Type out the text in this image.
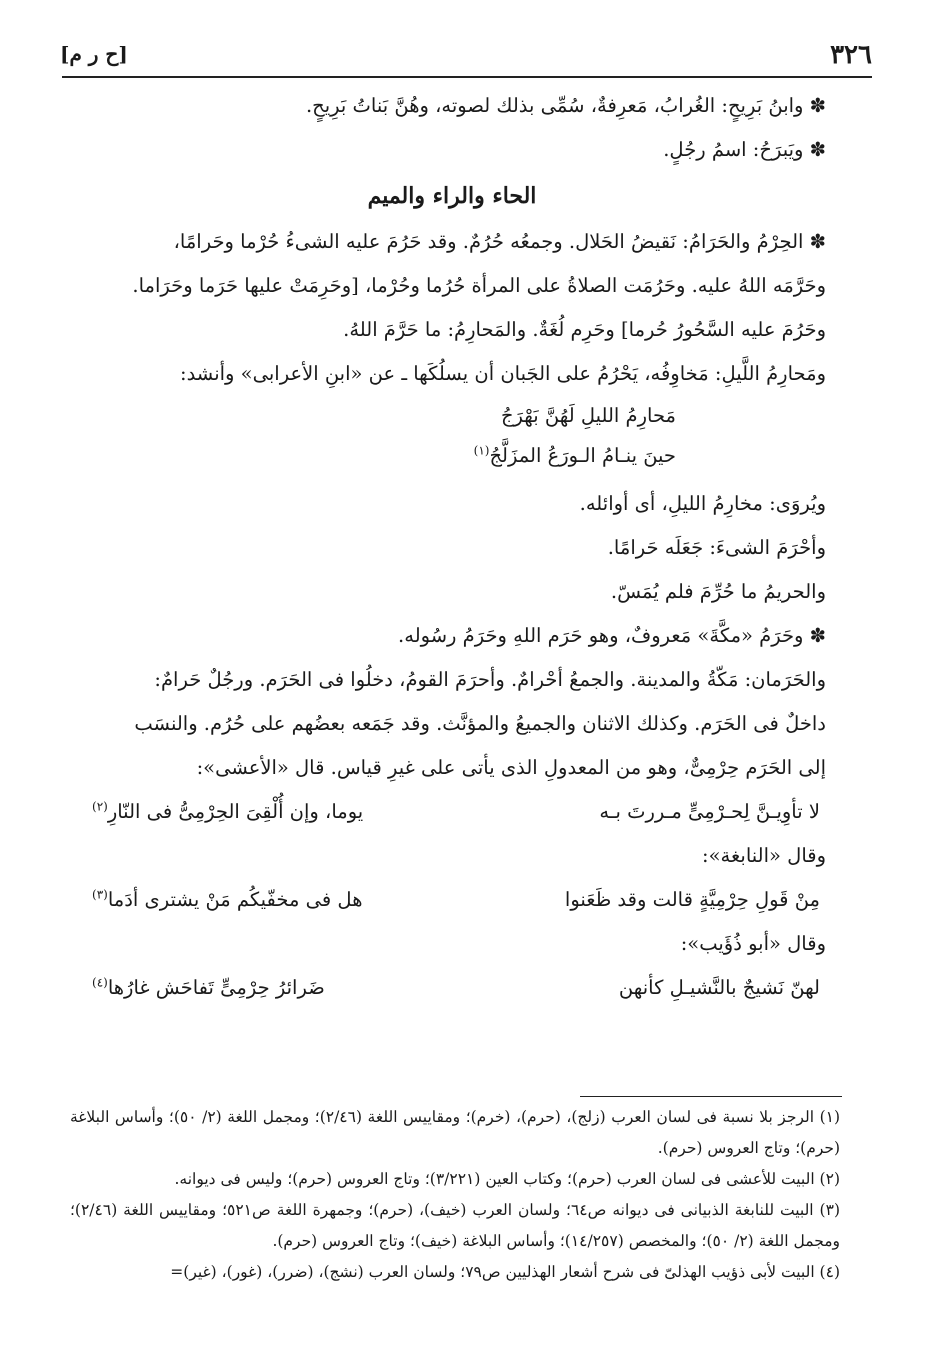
٣٢٦
[ح ر م]

✽ وابنُ بَرِيحٍ: الغُرابُ، مَعرِفةٌ، سُمِّى بذلك لصوته، وهُنَّ بَناتُ بَرِيحٍ.

✽ ويَبرَحُ: اسمُ رجُلٍ.

الحاء والراء والميم

✽ الحِرْمُ والحَرَامُ: نَقيضُ الحَلال. وجمعُه حُرُمٌ. وقد حَرُمَ عليه الشىءُ حُرْما وحَرامًا،

وحَرَّمَه اللهُ عليه. وحَرُمَت الصلاةُ على المرأة حُرُما وحُرْما، [وحَرِمَتْ عليها حَرَما وحَرَاما.

وحَرُمَ عليه السَّحُورُ حُرما] وحَرِم لُغَةٌ. والمَحارِمُ: ما حَرَّمَ اللهُ.

ومَحارِمُ اللَّيلِ: مَخاوِفُه، يَحْرُمُ على الجَبان أن يسلُكَها ـ عن «ابنِ الأعرابى» وأنشد:

مَحارِمُ الليلِ لَهُنَّ بَهْرَجُ

حينَ ينـامُ الـورَعُ المزَلَّجُ$^{(١)}$

ويُروَى: مخارِمُ الليلِ، أى أوائله.

وأحْرَمَ الشىءَ: جَعَلَه حَرامًا.

والحريمُ ما حُرِّمَ فلم يُمَسّ.

✽ وحَرَمُ «مكَّةَ» مَعروفٌ، وهو حَرَم اللهِ وحَرَمُ رسُوله.

والحَرَمان: مَكّةُ والمدينة. والجمعُ أحْرامٌ. وأحرَمَ القومُ، دخلُوا فى الحَرَم. ورجُلٌ حَرامٌ:

داخلٌ فى الحَرَم. وكذلك الاثنان والجميعُ والمؤنَّث. وقد جَمَعه بعضُهم على حُرُم. والنسَب

إلى الحَرَم حِرْمِىٌّ، وهو من المعدولِ الذى يأتى على غيرِ قياس. قال «الأعشى»:

لا تأوِيـنَّ لِحـرْمِىٍّ مـررتَ بـه
يوما، وإن أُلْقِىَ الحِرْمِىُّ فى النّارِ$^{(٢)}$

وقال «النابغة»:

مِنْ قَولِ حِرْمِيَّةٍ قالت وقد ظَعَنوا
هل فى مخفّيكُم مَنْ يشترى أدَما$^{(٣)}$

وقال «أبو ذُؤَيب»:

لهنّ نَشيجٌ بالنَّشيـلِ كأنهن
ضَرائرُ حِرْمِىٍّ تَفاحَش غارُها$^{(٤)}$

(١) الرجز بلا نسبة فى لسان العرب (زلج)، (حرم)، (خرم)؛ ومقاييس اللغة (٢/٤٦)؛ ومجمل اللغة (٢/ ٥٠)؛ وأساس البلاغة (حرم)؛ وتاج العروس (حرم).

(٢) البيت للأعشى فى لسان العرب (حرم)؛ وكتاب العين (٣/٢٢١)؛ وتاج العروس (حرم)؛ وليس فى ديوانه.

(٣) البيت للنابغة الذبيانى فى ديوانه ص٦٤؛ ولسان العرب (خيف)، (حرم)؛ وجمهرة اللغة ص٥٢١؛ ومقاييس اللغة (٢/٤٦)؛ ومجمل اللغة (٢/ ٥٠)؛ والمخصص (١٤/٢٥٧)؛ وأساس البلاغة (خيف)؛ وتاج العروس (حرم).

(٤) البيت لأبى ذؤيب الهذلىّ فى شرح أشعار الهذليين ص٧٩؛ ولسان العرب (نشج)، (ضرر)، (غور)، (غير)=
